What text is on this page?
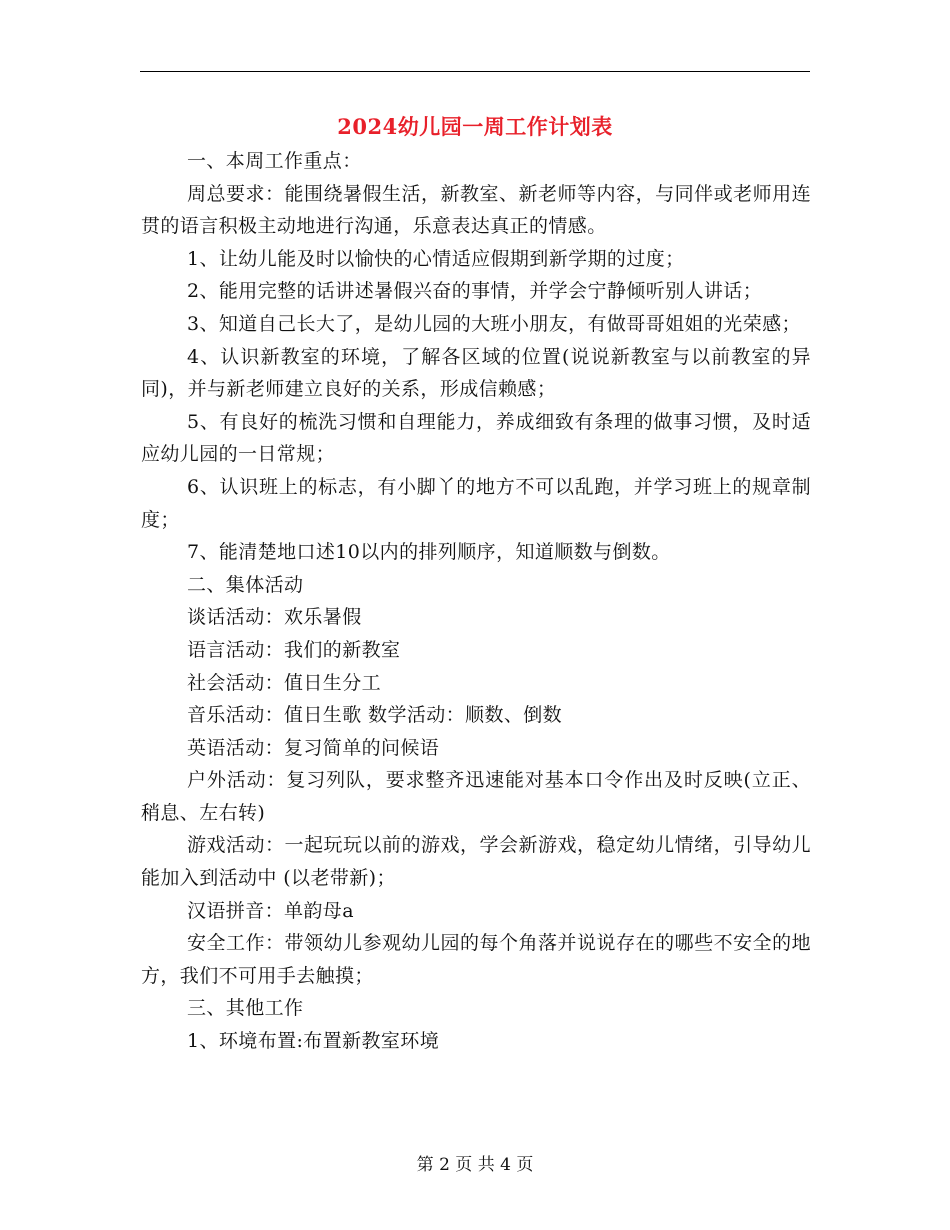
2024幼儿园一周工作计划表

一、本周工作重点：

周总要求：能围绕暑假生活，新教室、新老师等内容，与同伴或老师用连贯的语言积极主动地进行沟通，乐意表达真正的情感。

1、让幼儿能及时以愉快的心情适应假期到新学期的过度；

2、能用完整的话讲述暑假兴奋的事情，并学会宁静倾听别人讲话；

3、知道自己长大了，是幼儿园的大班小朋友，有做哥哥姐姐的光荣感；

4、认识新教室的环境，了解各区域的位置(说说新教室与以前教室的异同)，并与新老师建立良好的关系，形成信赖感；

5、有良好的梳洗习惯和自理能力，养成细致有条理的做事习惯，及时适应幼儿园的一日常规；

6、认识班上的标志，有小脚丫的地方不可以乱跑，并学习班上的规章制度；

7、能清楚地口述10以内的排列顺序，知道顺数与倒数。

二、集体活动

谈话活动：欢乐暑假

语言活动：我们的新教室

社会活动：值日生分工

音乐活动：值日生歌 数学活动：顺数、倒数

英语活动：复习简单的问候语

户外活动：复习列队，要求整齐迅速能对基本口令作出及时反映(立正、稍息、左右转)

游戏活动：一起玩玩以前的游戏，学会新游戏，稳定幼儿情绪，引导幼儿能加入到活动中 (以老带新)；

汉语拼音：单韵母a

安全工作：带领幼儿参观幼儿园的每个角落并说说存在的哪些不安全的地方，我们不可用手去触摸；

三、其他工作

1、环境布置:布置新教室环境

第 2 页 共 4 页
